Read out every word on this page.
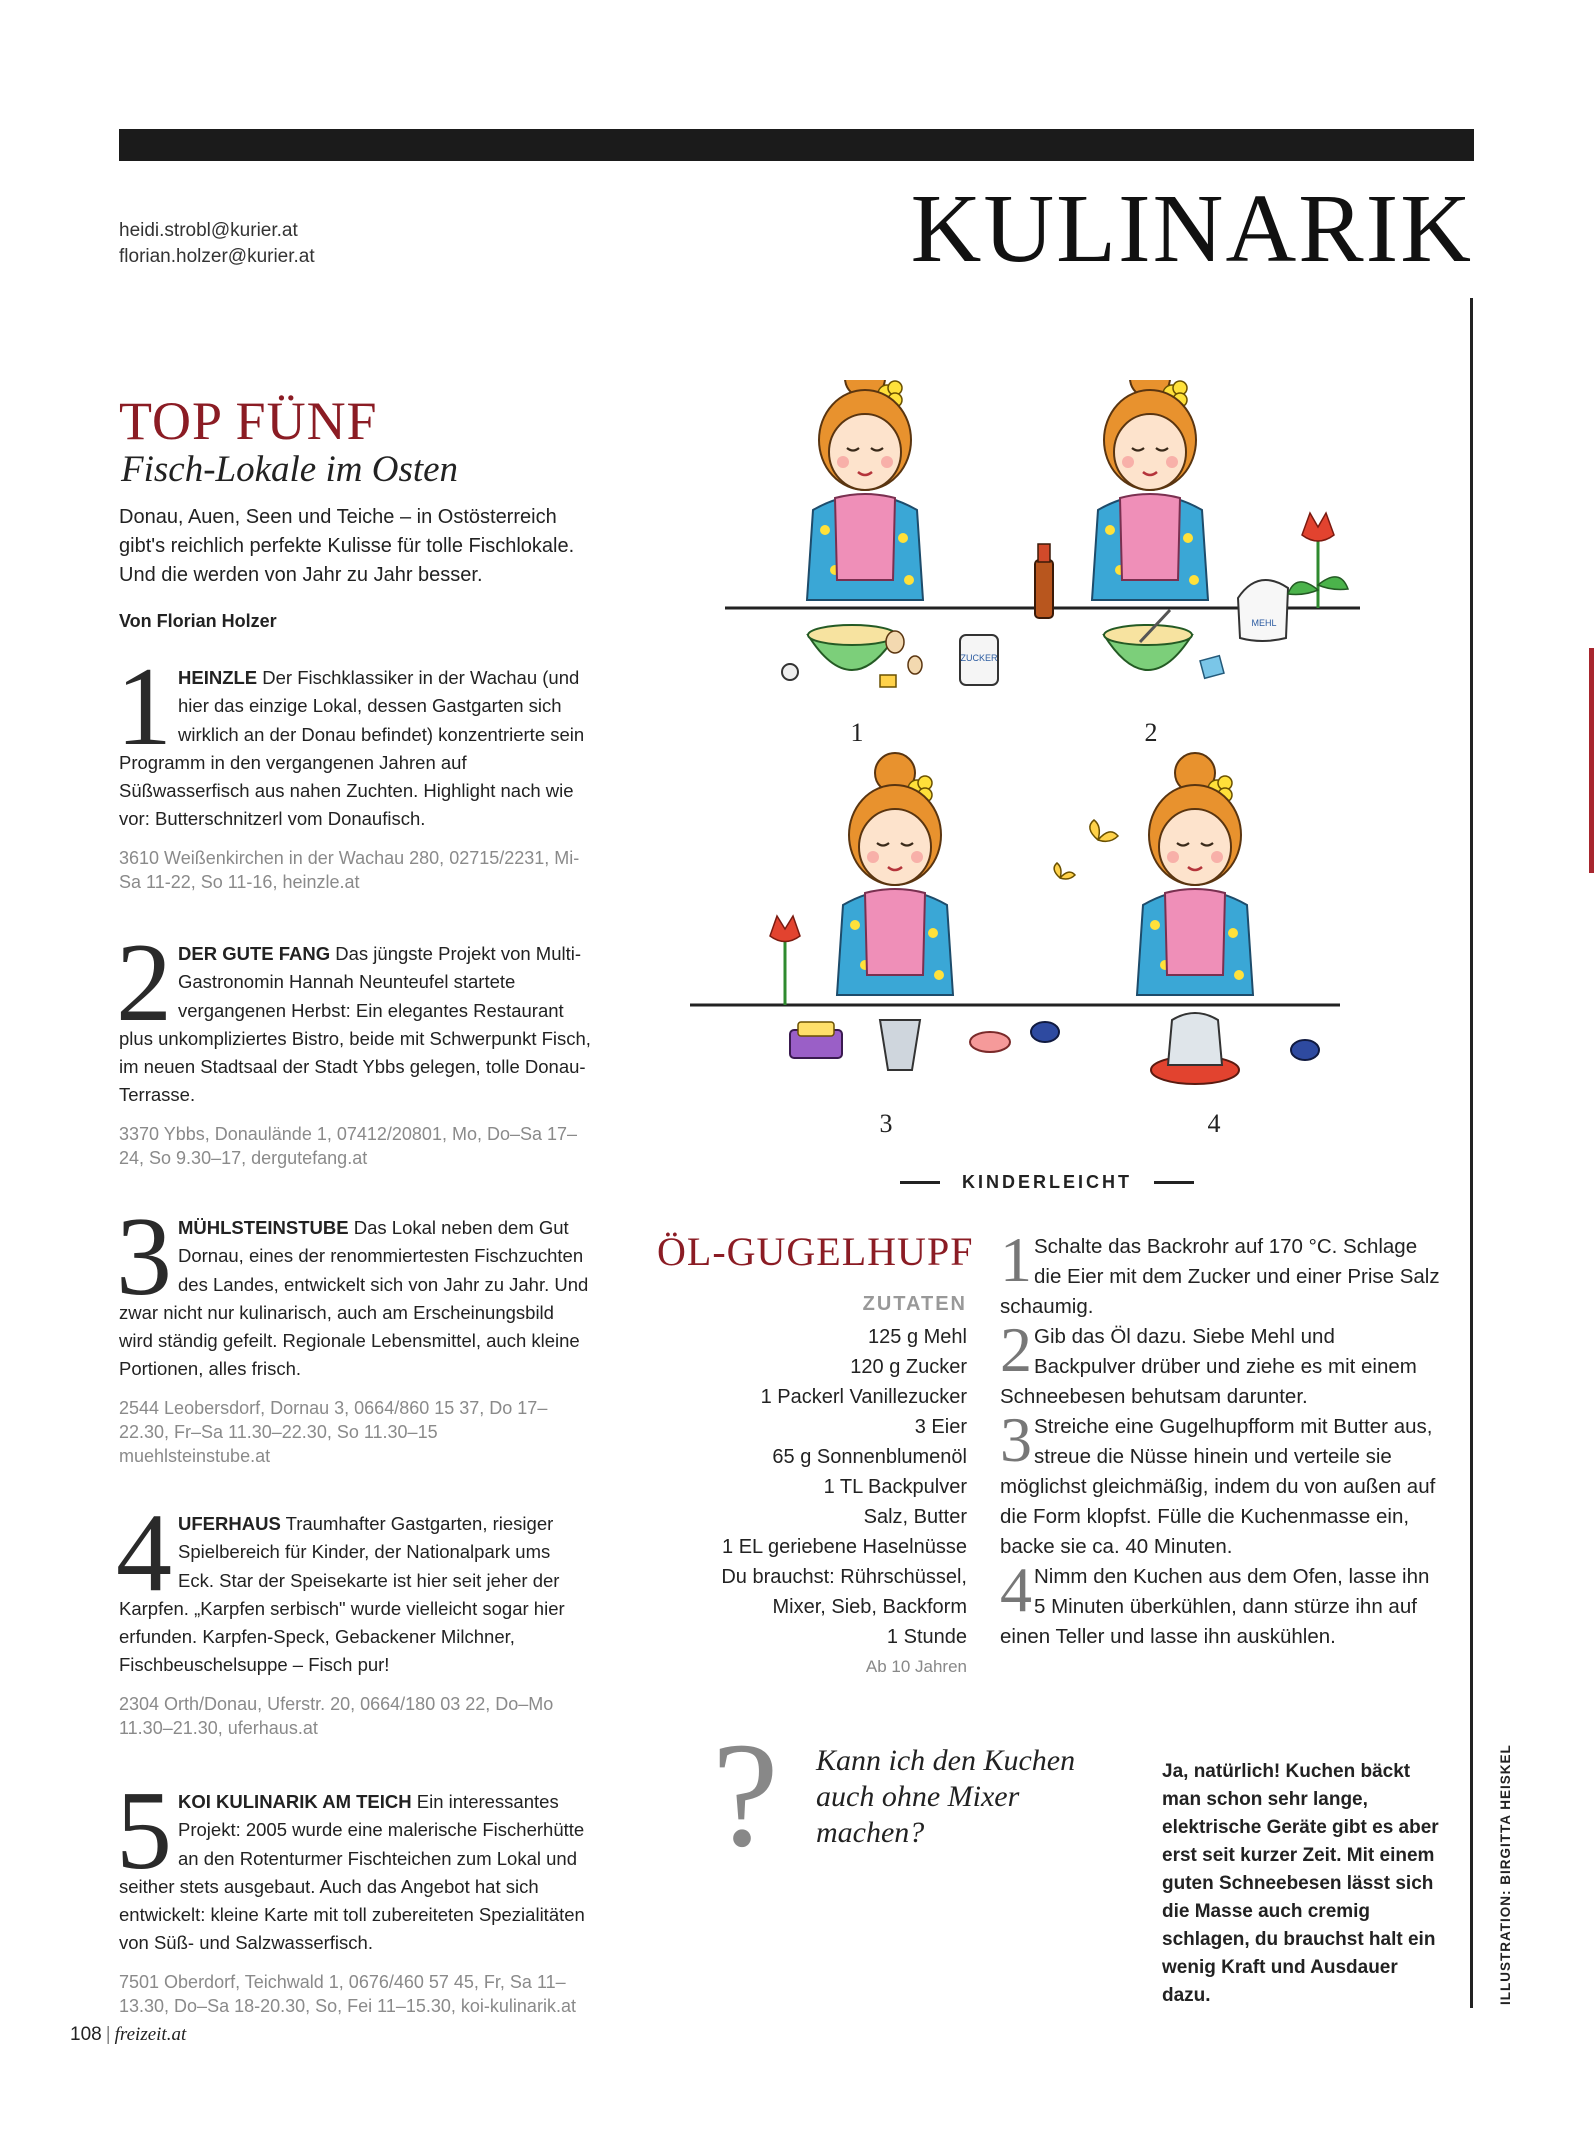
heidi.strobl@kurier.at
florian.holzer@kurier.at	KULINARIK
TOP FÜNF
Fisch-Lokale im Osten
Donau, Auen, Seen und Teiche – in Ostösterreich gibt's reichlich perfekte Kulisse für tolle Fischlokale. Und die werden von Jahr zu Jahr besser.
Von Florian Holzer
1 HEINZLE Der Fischklassiker in der Wachau (und hier das einzige Lokal, dessen Gastgarten sich wirklich an der Donau befindet) konzentrierte sein Programm in den vergangenen Jahren auf Süßwasserfisch aus nahen Zuchten. Highlight nach wie vor: Butterschnitzerl vom Donaufisch.
3610 Weißenkirchen in der Wachau 280, 02715/2231, Mi-Sa 11-22, So 11-16, heinzle.at
2 DER GUTE FANG Das jüngste Projekt von Multi-Gastronomin Hannah Neunteufel startete vergangenen Herbst: Ein elegantes Restaurant plus unkompliziertes Bistro, beide mit Schwerpunkt Fisch, im neuen Stadtsaal der Stadt Ybbs gelegen, tolle Donau-Terrasse.
3370 Ybbs, Donaulände 1, 07412/20801, Mo, Do–Sa 17–24, So 9.30–17, dergutefang.at
3 MÜHLSTEINSTUBE Das Lokal neben dem Gut Dornau, eines der renommiertesten Fischzuchten des Landes, entwickelt sich von Jahr zu Jahr. Und zwar nicht nur kulinarisch, auch am Erscheinungsbild wird ständig gefeilt. Regionale Lebensmittel, auch kleine Portionen, alles frisch.
2544 Leobersdorf, Dornau 3, 0664/860 15 37, Do 17–22.30, Fr–Sa 11.30–22.30, So 11.30–15 muehlsteinstube.at
4 UFERHAUS Traumhafter Gastgarten, riesiger Spielbereich für Kinder, der Nationalpark ums Eck. Star der Speisekarte ist hier seit jeher der Karpfen. „Karpfen serbisch" wurde vielleicht sogar hier erfunden. Karpfen-Speck, Gebackener Milchner, Fischbeuschelsuppe – Fisch pur!
2304 Orth/Donau, Uferstr. 20, 0664/180 03 22, Do–Mo 11.30–21.30, uferhaus.at
5 KOI KULINARIK AM TEICH Ein interessantes Projekt: 2005 wurde eine malerische Fischerhütte an den Rotenturmer Fischteichen zum Lokal und seither stets ausgebaut. Auch das Angebot hat sich entwickelt: kleine Karte mit toll zubereiteten Spezialitäten von Süß- und Salzwasserfisch.
7501 Oberdorf, Teichwald 1, 0676/460 57 45, Fr, Sa 11–13.30, Do–Sa 18-20.30, So, Fei 11–15.30, koi-kulinarik.at
ZUCKER
MEHL
1	2
3	4
KINDERLEICHT
ÖL-GUGELHUPF
ZUTATEN
125 g Mehl
120 g Zucker
1 Packerl Vanillezucker
3 Eier
65 g Sonnenblumenöl
1 TL Backpulver
Salz, Butter
1 EL geriebene Haselnüsse
Du brauchst: Rührschüssel,
Mixer, Sieb, Backform
1 Stunde
Ab 10 Jahren

1 Schalte das Backrohr auf 170 °C. Schlage die Eier mit dem Zucker und einer Prise Salz schaumig.

2 Gib das Öl dazu. Siebe Mehl und Backpulver drüber und ziehe es mit einem Schneebesen behutsam darunter.

3 Streiche eine Gugelhupfform mit Butter aus, streue die Nüsse hinein und verteile sie möglichst gleichmäßig, indem du von außen auf die Form klopfst. Fülle die Kuchenmasse ein, backe sie ca. 40 Minuten.

4 Nimm den Kuchen aus dem Ofen, lasse ihn 5 Minuten überkühlen, dann stürze ihn auf einen Teller und lasse ihn auskühlen.

? Kann ich den Kuchen auch ohne Mixer machen?
Ja, natürlich! Kuchen bäckt man schon sehr lange, elektrische Geräte gibt es aber erst seit kurzer Zeit. Mit einem guten Schneebesen lässt sich die Masse auch cremig schlagen, du brauchst halt ein wenig Kraft und Ausdauer dazu.	ILLUSTRATION: BIRGITTA HEISKEL
108 | freizeit.at
